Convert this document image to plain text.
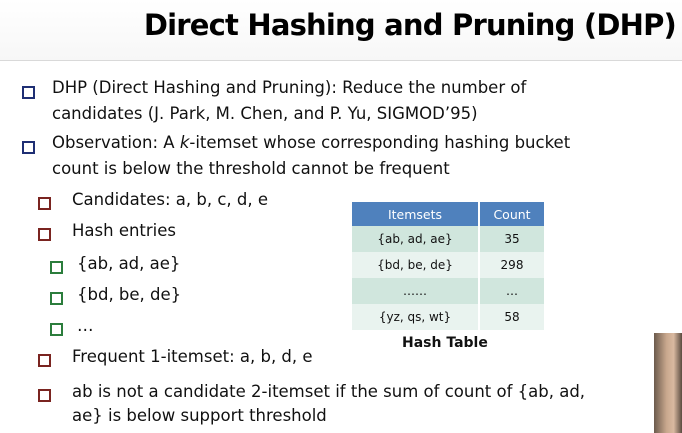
Direct Hashing and Pruning (DHP)
DHP (Direct Hashing and Pruning): Reduce the number of
candidates (J. Park, M. Chen, and P. Yu, SIGMOD’95)
Observation: A k-itemset whose corresponding hashing bucket
count is below the threshold cannot be frequent
Candidates: a, b, c, d, e
Hash entries
{ab, ad, ae}
{bd, be, de}
…
Frequent 1-itemset: a, b, d, e
ab is not a candidate 2-itemset if the sum of count of {ab, ad,
ae} is below support threshold
Itemsets	Count
{ab, ad, ae}	35
{bd, be, de}	298
……	…
{yz, qs, wt}	58
Hash Table
